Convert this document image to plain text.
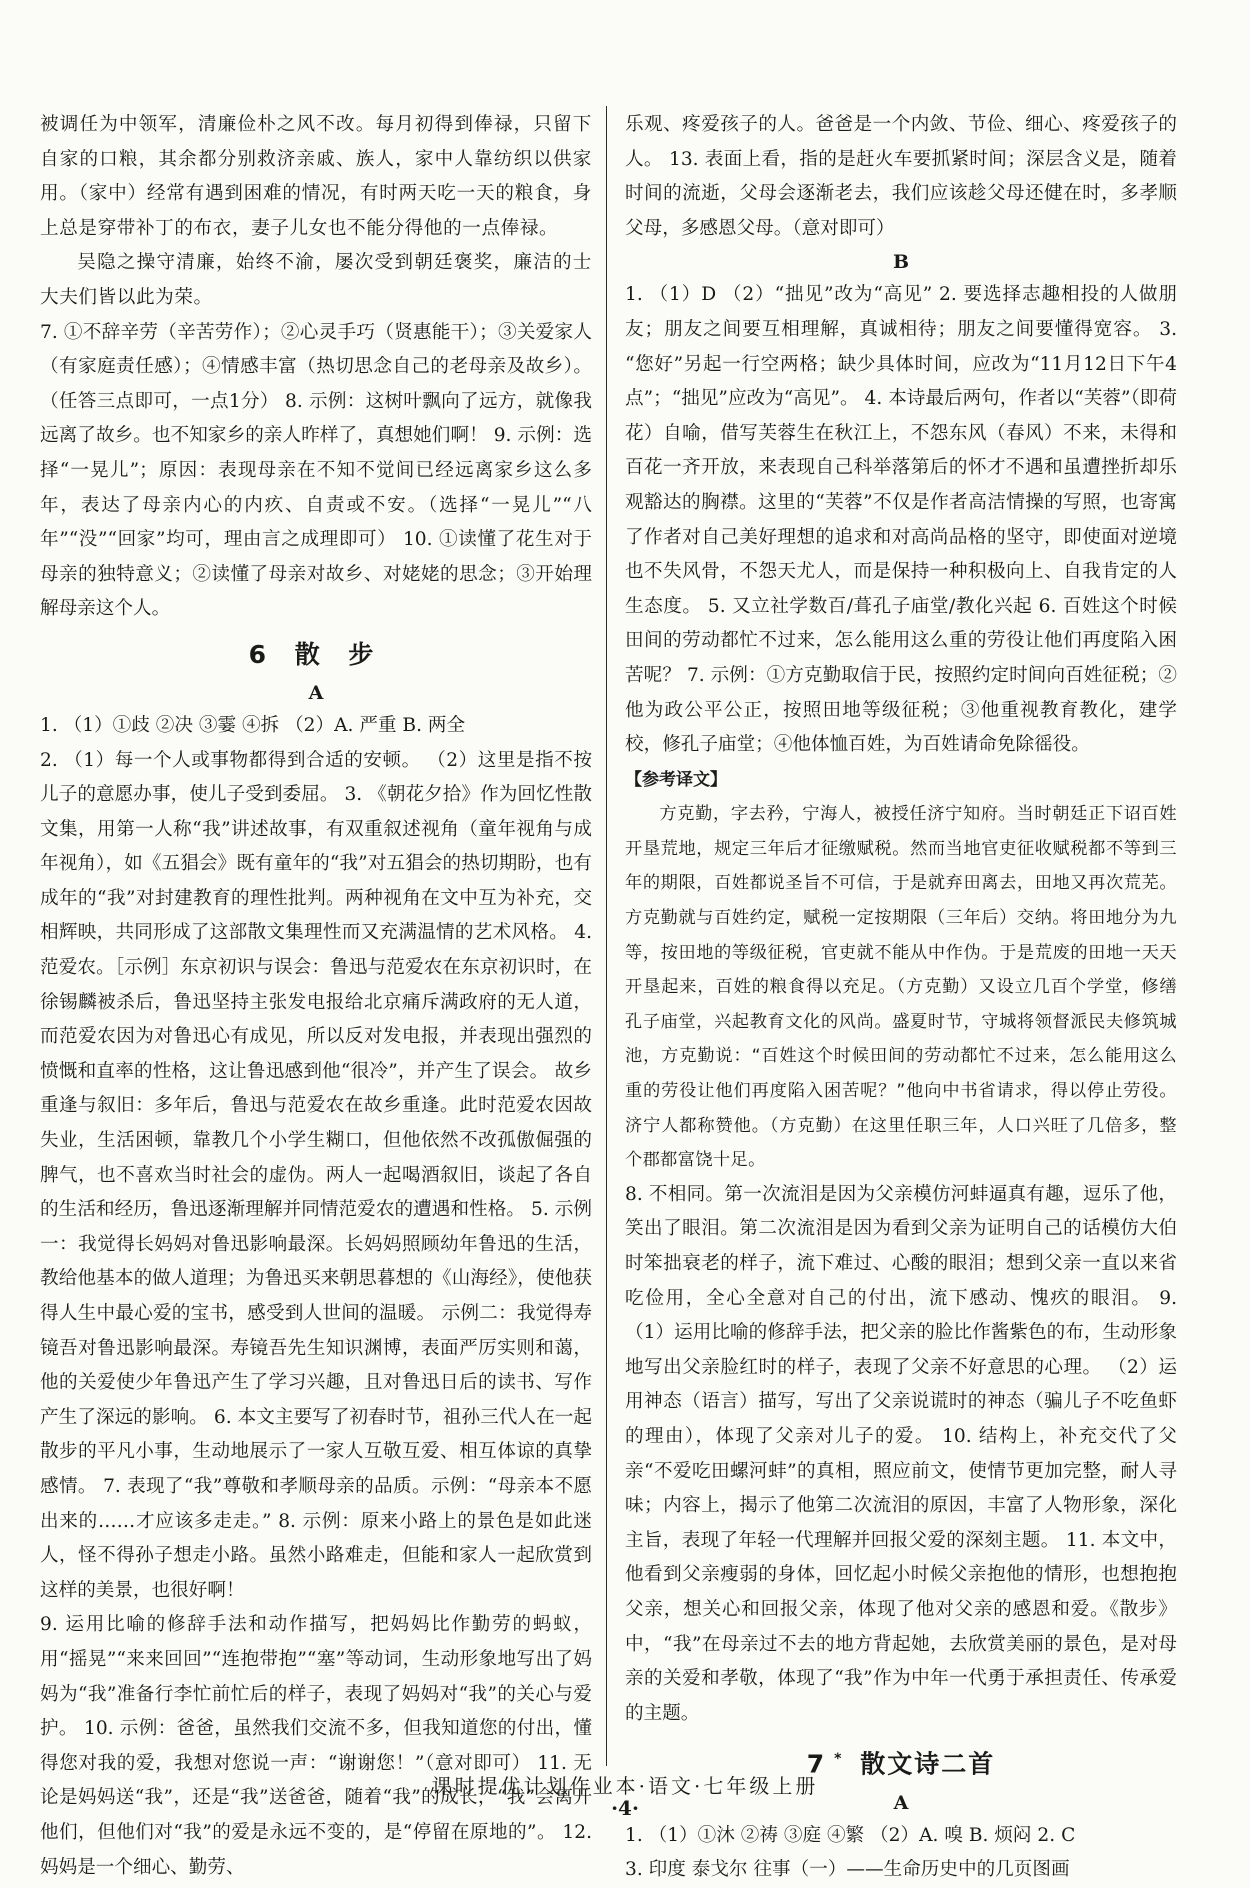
被调任为中领军，清廉俭朴之风不改。每月初得到俸禄，只留下自家的口粮，其余都分别救济亲戚、族人，家中人靠纺织以供家用。（家中）经常有遇到困难的情况，有时两天吃一天的粮食，身上总是穿带补丁的布衣，妻子儿女也不能分得他的一点俸禄。

吴隐之操守清廉，始终不渝，屡次受到朝廷褒奖，廉洁的士大夫们皆以此为荣。

7. ①不辞辛劳（辛苦劳作）；②心灵手巧（贤惠能干）；③关爱家人（有家庭责任感）；④情感丰富（热切思念自己的老母亲及故乡）。（任答三点即可，一点1分） 8. 示例：这树叶飘向了远方，就像我远离了故乡。也不知家乡的亲人昨样了，真想她们啊！ 9. 示例：选择“一晃儿”；原因：表现母亲在不知不觉间已经远离家乡这么多年，表达了母亲内心的内疚、自责或不安。（选择“一晃儿”“八年”“没”“回家”均可，理由言之成理即可） 10. ①读懂了花生对于母亲的独特意义；②读懂了母亲对故乡、对姥姥的思念；③开始理解母亲这个人。

6 散 步
A

1. （1）①歧 ②决 ③霎 ④拆 （2）A. 严重 B. 两全

2. （1）每一个人或事物都得到合适的安顿。 （2）这里是指不按儿子的意愿办事，使儿子受到委屈。 3. 《朝花夕拾》作为回忆性散文集，用第一人称“我”讲述故事，有双重叙述视角（童年视角与成年视角），如《五猖会》既有童年的“我”对五猖会的热切期盼，也有成年的“我”对封建教育的理性批判。两种视角在文中互为补充，交相辉映，共同形成了这部散文集理性而又充满温情的艺术风格。 4. 范爱农。［示例］东京初识与误会：鲁迅与范爱农在东京初识时，在徐锡麟被杀后，鲁迅坚持主张发电报给北京痛斥满政府的无人道，而范爱农因为对鲁迅心有成见，所以反对发电报，并表现出强烈的愤慨和直率的性格，这让鲁迅感到他“很冷”，并产生了误会。 故乡重逢与叙旧：多年后，鲁迅与范爱农在故乡重逢。此时范爱农因故失业，生活困顿，靠教几个小学生糊口，但他依然不改孤傲倔强的脾气，也不喜欢当时社会的虚伪。两人一起喝酒叙旧，谈起了各自的生活和经历，鲁迅逐渐理解并同情范爱农的遭遇和性格。 5. 示例一：我觉得长妈妈对鲁迅影响最深。长妈妈照顾幼年鲁迅的生活，教给他基本的做人道理；为鲁迅买来朝思暮想的《山海经》，使他获得人生中最心爱的宝书，感受到人世间的温暖。 示例二：我觉得寿镜吾对鲁迅影响最深。寿镜吾先生知识渊博，表面严厉实则和蔼，他的关爱使少年鲁迅产生了学习兴趣，且对鲁迅日后的读书、写作产生了深远的影响。 6. 本文主要写了初春时节，祖孙三代人在一起散步的平凡小事，生动地展示了一家人互敬互爱、相互体谅的真挚感情。 7. 表现了“我”尊敬和孝顺母亲的品质。示例：“母亲本不愿出来的……才应该多走走。” 8. 示例：原来小路上的景色是如此迷人，怪不得孙子想走小路。虽然小路难走，但能和家人一起欣赏到这样的美景，也很好啊！

9. 运用比喻的修辞手法和动作描写，把妈妈比作勤劳的蚂蚁，用“摇晃”“来来回回”“连抱带抱”“塞”等动词，生动形象地写出了妈妈为“我”准备行李忙前忙后的样子，表现了妈妈对“我”的关心与爱护。 10. 示例：爸爸，虽然我们交流不多，但我知道您的付出，懂得您对我的爱，我想对您说一声：“谢谢您！”（意对即可） 11. 无论是妈妈送“我”，还是“我”送爸爸，随着“我”的成长，“我”会离开他们，但他们对“我”的爱是永远不变的，是“停留在原地的”。 12. 妈妈是一个细心、勤劳、

乐观、疼爱孩子的人。爸爸是一个内敛、节俭、细心、疼爱孩子的人。 13. 表面上看，指的是赶火车要抓紧时间；深层含义是，随着时间的流逝，父母会逐渐老去，我们应该趁父母还健在时，多孝顺父母，多感恩父母。（意对即可）

B

1. （1）D （2）“拙见”改为“高见” 2. 要选择志趣相投的人做朋友；朋友之间要互相理解，真诚相待；朋友之间要懂得宽容。 3. “您好”另起一行空两格；缺少具体时间，应改为“11月12日下午4点”；“拙见”应改为“高见”。 4. 本诗最后两句，作者以“芙蓉”（即荷花）自喻，借写芙蓉生在秋江上，不怨东风（春风）不来，未得和百花一齐开放，来表现自己科举落第后的怀才不遇和虽遭挫折却乐观豁达的胸襟。这里的“芙蓉”不仅是作者高洁情操的写照，也寄寓了作者对自己美好理想的追求和对高尚品格的坚守，即使面对逆境也不失风骨，不怨天尤人，而是保持一种积极向上、自我肯定的人生态度。 5. 又立社学数百/葺孔子庙堂/教化兴起 6. 百姓这个时候田间的劳动都忙不过来，怎么能用这么重的劳役让他们再度陷入困苦呢？ 7. 示例：①方克勤取信于民，按照约定时间向百姓征税；②他为政公平公正，按照田地等级征税；③他重视教育教化，建学校，修孔子庙堂；④他体恤百姓，为百姓请命免除徭役。

【参考译文】

方克勤，字去矜，宁海人，被授任济宁知府。当时朝廷正下诏百姓开垦荒地，规定三年后才征缴赋税。然而当地官吏征收赋税都不等到三年的期限，百姓都说圣旨不可信，于是就弃田离去，田地又再次荒芜。方克勤就与百姓约定，赋税一定按期限（三年后）交纳。将田地分为九等，按田地的等级征税，官吏就不能从中作伪。于是荒废的田地一天天开垦起来，百姓的粮食得以充足。（方克勤）又设立几百个学堂，修缮孔子庙堂，兴起教育文化的风尚。盛夏时节，守城将领督派民夫修筑城池，方克勤说：“百姓这个时候田间的劳动都忙不过来，怎么能用这么重的劳役让他们再度陷入困苦呢？”他向中书省请求，得以停止劳役。济宁人都称赞他。（方克勤）在这里任职三年，人口兴旺了几倍多，整个郡都富饶十足。

8. 不相同。第一次流泪是因为父亲模仿河蚌逼真有趣，逗乐了他，笑出了眼泪。第二次流泪是因为看到父亲为证明自己的话模仿大伯时笨拙衰老的样子，流下难过、心酸的眼泪；想到父亲一直以来省吃俭用，全心全意对自己的付出，流下感动、愧疚的眼泪。 9. （1）运用比喻的修辞手法，把父亲的脸比作酱紫色的布，生动形象地写出父亲脸红时的样子，表现了父亲不好意思的心理。 （2）运用神态（语言）描写，写出了父亲说谎时的神态（骗儿子不吃鱼虾的理由），体现了父亲对儿子的爱。 10. 结构上，补充交代了父亲“不爱吃田螺河蚌”的真相，照应前文，使情节更加完整，耐人寻味；内容上，揭示了他第二次流泪的原因，丰富了人物形象，深化主旨，表现了年轻一代理解并回报父爱的深刻主题。 11. 本文中，他看到父亲瘦弱的身体，回忆起小时候父亲抱他的情形，也想抱抱父亲，想关心和回报父亲，体现了他对父亲的感恩和爱。《散步》中，“我”在母亲过不去的地方背起她，去欣赏美丽的景色，是对母亲的关爱和孝敬，体现了“我”作为中年一代勇于承担责任、传承爱的主题。

7* 散文诗二首
A

1. （1）①沐 ②祷 ③庭 ④繁 （2）A. 嗅 B. 烦闷 2. C

3. 印度 泰戈尔 往事（一）——生命历史中的几页图画

课时提优计划作业本·语文·七年级上册
·4·
